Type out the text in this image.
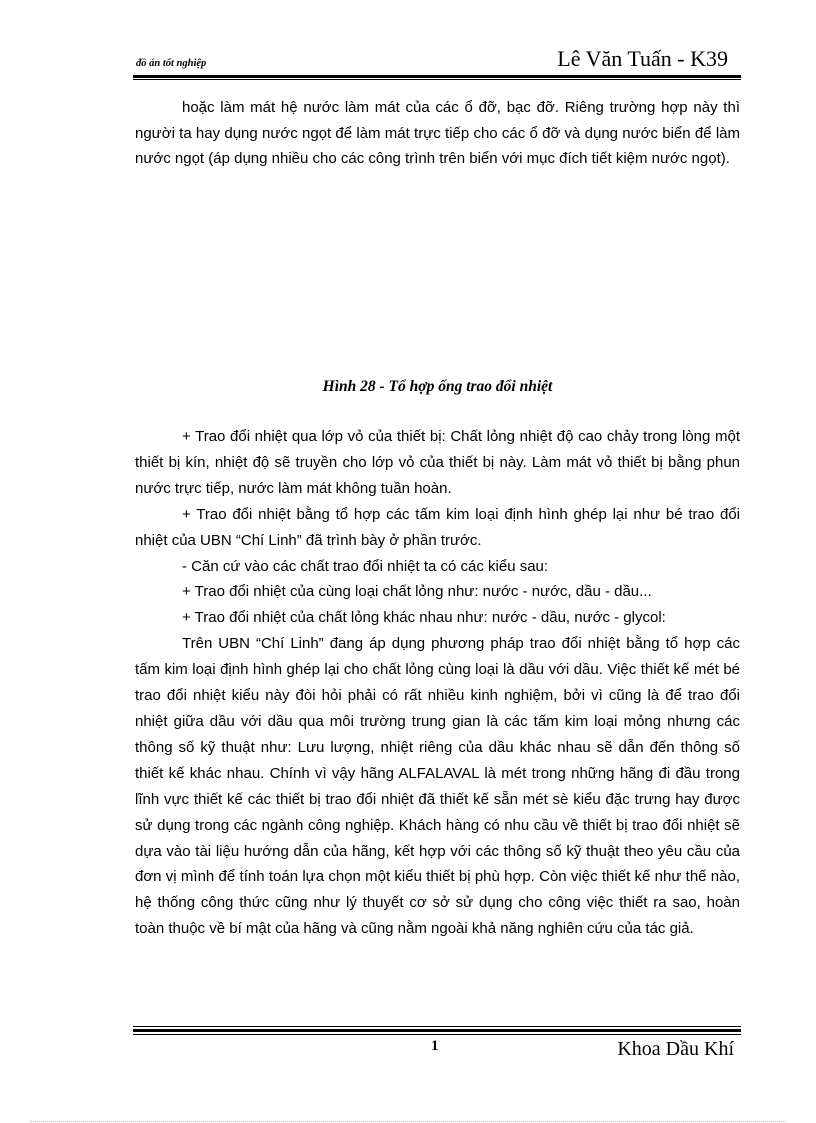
đồ án tốt nghiệp	Lê Văn Tuấn - K39

hoặc làm mát hệ nước làm mát của các ổ đỡ, bạc đỡ. Riêng trường hợp này thì người ta hay dụng nước ngọt để làm mát trực tiếp cho các ổ đỡ và dụng nước biển để làm nước ngọt (áp dụng nhiều cho các công trình trên biển với mục đích tiết kiệm nước ngọt).

Hình 28 - Tổ hợp ống trao đổi nhiệt

+ Trao đổi nhiệt qua lớp vỏ của thiết bị: Chất lỏng nhiệt độ cao chảy trong lòng một thiết bị kín, nhiệt độ sẽ truyền cho lớp vỏ của thiết bị này. Làm mát vỏ thiết bị bằng phun nước trực tiếp, nước làm mát không tuần hoàn.

+ Trao đổi nhiệt bằng tổ hợp các tấm kim loại định hình ghép lại như bé trao đổi nhiệt của UBN “Chí Linh” đã trình bày ở phần trước.

- Căn cứ vào các chất trao đổi nhiệt ta có các kiểu sau:

+ Trao đổi nhiệt của cùng loại chất lỏng như: nước - nước, dầu - dầu...

+ Trao đổi nhiệt của chất lỏng khác nhau như: nước - dầu, nước - glycol:

Trên UBN “Chí Linh” đang áp dụng phương pháp trao đổi nhiệt bằng tổ hợp các tấm kim loại định hình ghép lại cho chất lỏng cùng loại là dầu với dầu. Việc thiết kế mét bé trao đổi nhiệt kiểu này đòi hỏi phải có rất nhiều kinh nghiệm, bởi vì cũng là để trao đổi nhiệt giữa dầu với dầu qua môi trường trung gian là các tấm kim loại mỏng nhưng các thông số kỹ thuật như: Lưu lượng, nhiệt riêng của dầu khác nhau sẽ dẫn đến thông số thiết kế khác nhau. Chính vì vậy hãng ALFALAVAL là mét trong những hãng đi đầu trong lĩnh vực thiết kế các thiết bị trao đổi nhiệt đã thiết kế sẵn mét sè kiểu đặc trưng hay được sử dụng trong các ngành công nghiệp. Khách hàng có nhu cầu về thiết bị trao đổi nhiệt sẽ dựa vào tài liệu hướng dẫn của hãng, kết hợp với các thông số kỹ thuật theo yêu cầu của đơn vị mình để tính toán lựa chọn một kiểu thiết bị phù hợp. Còn việc thiết kế như thế nào, hệ thống công thức cũng như lý thuyết cơ sở sử dụng cho công việc thiết ra sao, hoàn toàn thuộc về bí mật của hãng và cũng nằm ngoài khả năng nghiên cứu của tác giả.

1	Khoa Dầu Khí
